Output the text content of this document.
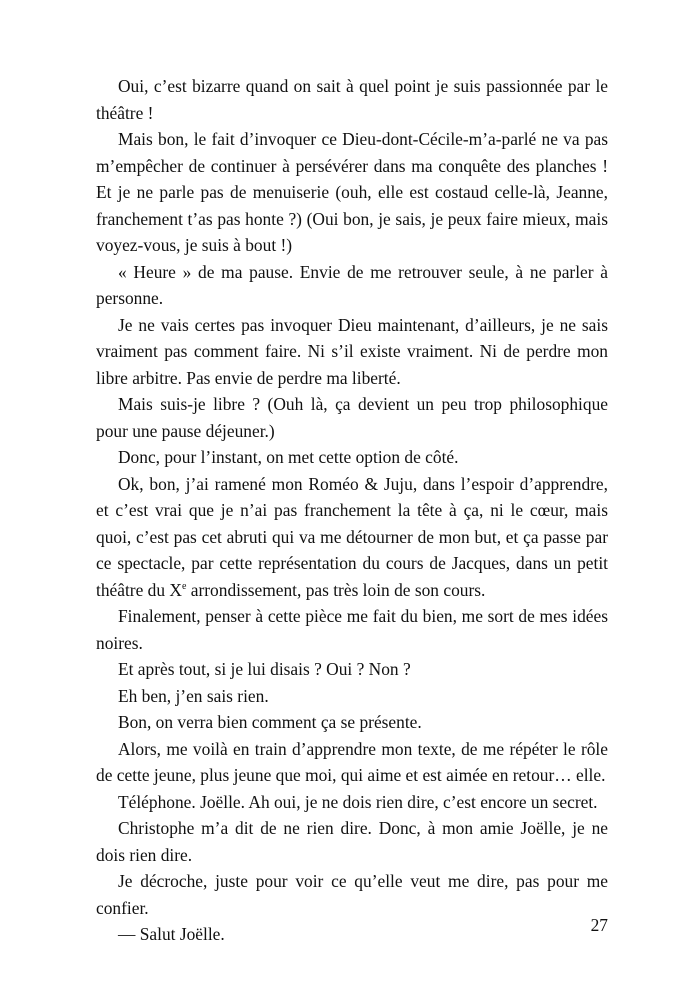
Oui, c’est bizarre quand on sait à quel point je suis passionnée par le théâtre !

Mais bon, le fait d’invoquer ce Dieu-dont-Cécile-m’a-parlé ne va pas m’empêcher de continuer à persévérer dans ma conquête des planches ! Et je ne parle pas de menuiserie (ouh, elle est costaud celle-là, Jeanne, franchement t’as pas honte ?) (Oui bon, je sais, je peux faire mieux, mais voyez-vous, je suis à bout !)

« Heure » de ma pause. Envie de me retrouver seule, à ne parler à personne.

Je ne vais certes pas invoquer Dieu maintenant, d’ailleurs, je ne sais vraiment pas comment faire. Ni s’il existe vraiment. Ni de perdre mon libre arbitre. Pas envie de perdre ma liberté.

Mais suis-je libre ? (Ouh là, ça devient un peu trop philosophique pour une pause déjeuner.)

Donc, pour l’instant, on met cette option de côté.

Ok, bon, j’ai ramené mon Roméo & Juju, dans l’espoir d’apprendre, et c’est vrai que je n’ai pas franchement la tête à ça, ni le cœur, mais quoi, c’est pas cet abruti qui va me détourner de mon but, et ça passe par ce spectacle, par cette représentation du cours de Jacques, dans un petit théâtre du Xe arrondissement, pas très loin de son cours.

Finalement, penser à cette pièce me fait du bien, me sort de mes idées noires.

Et après tout, si je lui disais ? Oui ? Non ?

Eh ben, j’en sais rien.

Bon, on verra bien comment ça se présente.

Alors, me voilà en train d’apprendre mon texte, de me répéter le rôle de cette jeune, plus jeune que moi, qui aime et est aimée en retour… elle.

Téléphone. Joëlle. Ah oui, je ne dois rien dire, c’est encore un secret.

Christophe m’a dit de ne rien dire. Donc, à mon amie Joëlle, je ne dois rien dire.

Je décroche, juste pour voir ce qu’elle veut me dire, pas pour me confier.

— Salut Joëlle.	27
